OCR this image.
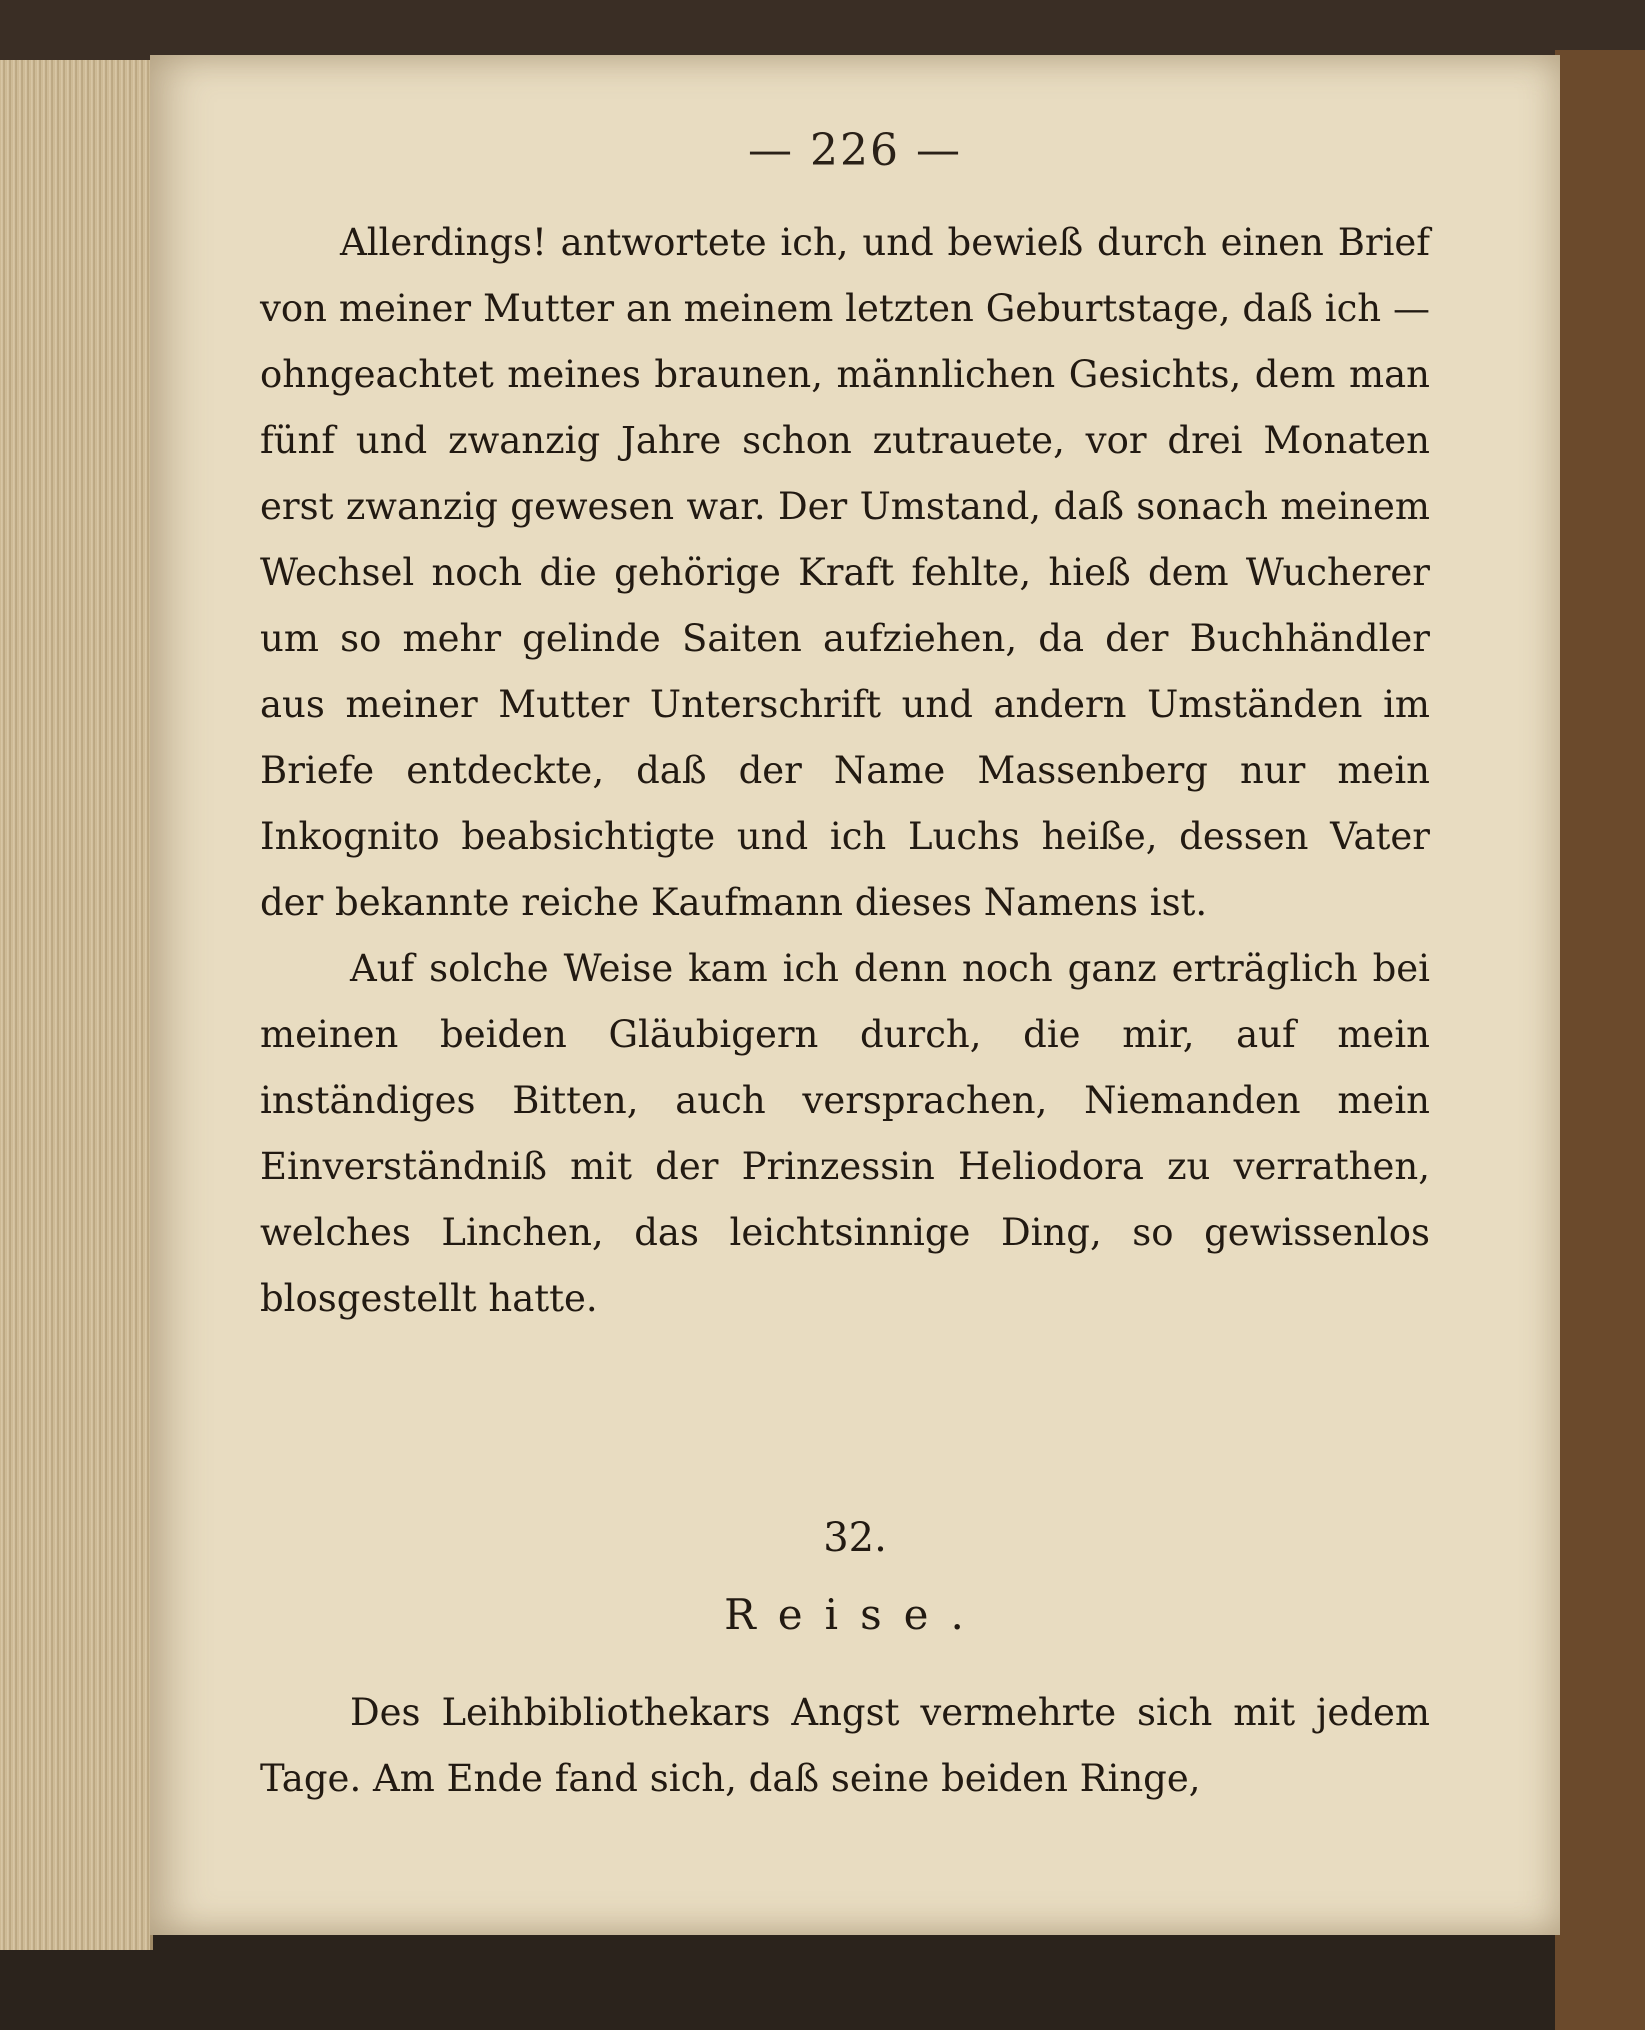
— 226 —

Allerdings! antwortete ich, und bewieß durch einen Brief von meiner Mutter an meinem letzten Geburtstage, daß ich — ohngeachtet meines braunen, männlichen Gesichts, dem man fünf und zwanzig Jahre schon zutrauete, vor drei Monaten erst zwanzig gewesen war. Der Umstand, daß sonach meinem Wechsel noch die gehörige Kraft fehlte, hieß dem Wucherer um so mehr gelinde Saiten aufziehen, da der Buchhändler aus meiner Mutter Unterschrift und andern Umständen im Briefe entdeckte, daß der Name Massenberg nur mein Inkognito beabsichtigte und ich Luchs heiße, dessen Vater der bekannte reiche Kaufmann dieses Namens ist.

Auf solche Weise kam ich denn noch ganz erträglich bei meinen beiden Gläubigern durch, die mir, auf mein inständiges Bitten, auch versprachen, Niemanden mein Einverständniß mit der Prinzessin Heliodora zu verrathen, welches Linchen, das leichtsinnige Ding, so gewissenlos blosgestellt hatte.

32.
Reise.

Des Leihbibliothekars Angst vermehrte sich mit jedem Tage. Am Ende fand sich, daß seine beiden Ringe,
